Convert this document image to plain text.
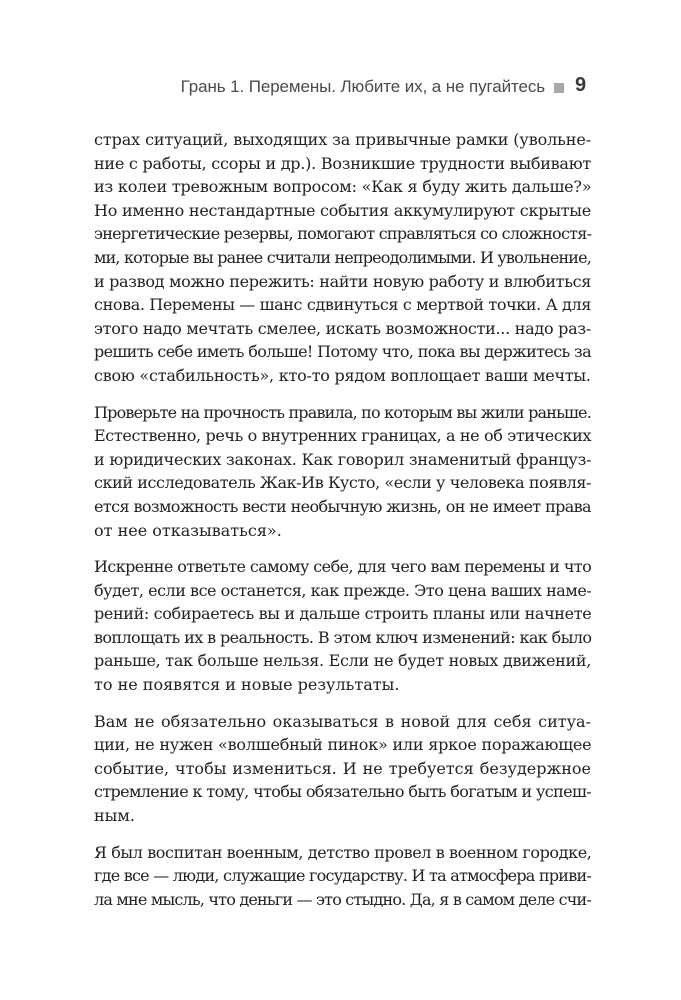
Грань 1. Перемены. Любите их, а не пугайтесь 9
страх ситуаций, выходящих за привычные рамки (увольне-
ние с работы, ссоры и др.). Возникшие трудности выбивают
из колеи тревожным вопросом: «Как я буду жить дальше?»
Но именно нестандартные события аккумулируют скрытые
энергетические резервы, помогают справляться со сложностя-
ми, которые вы ранее считали непреодолимыми. И увольнение,
и развод можно пережить: найти новую работу и влюбиться
снова. Перемены — шанс сдвинуться с мертвой точки. А для
этого надо мечтать смелее, искать возможности... надо раз-
решить себе иметь больше! Потому что, пока вы держитесь за
свою «стабильность», кто-то рядом воплощает ваши мечты.
Проверьте на прочность правила, по которым вы жили раньше.
Естественно, речь о внутренних границах, а не об этических
и юридических законах. Как говорил знаменитый француз-
ский исследователь Жак-Ив Кусто, «если у человека появля-
ется возможность вести необычную жизнь, он не имеет права
от нее отказываться».
Искренне ответьте самому себе, для чего вам перемены и что
будет, если все останется, как прежде. Это цена ваших наме-
рений: собираетесь вы и дальше строить планы или начнете
воплощать их в реальность. В этом ключ изменений: как было
раньше, так больше нельзя. Если не будет новых движений,
то не появятся и новые результаты.
Вам не обязательно оказываться в новой для себя ситуа-
ции, не нужен «волшебный пинок» или яркое поражающее
событие, чтобы измениться. И не требуется безудержное
стремление к тому, чтобы обязательно быть богатым и успеш-
ным.
Я был воспитан военным, детство провел в военном городке,
где все — люди, служащие государству. И та атмосфера приви-
ла мне мысль, что деньги — это стыдно. Да, я в самом деле счи-
